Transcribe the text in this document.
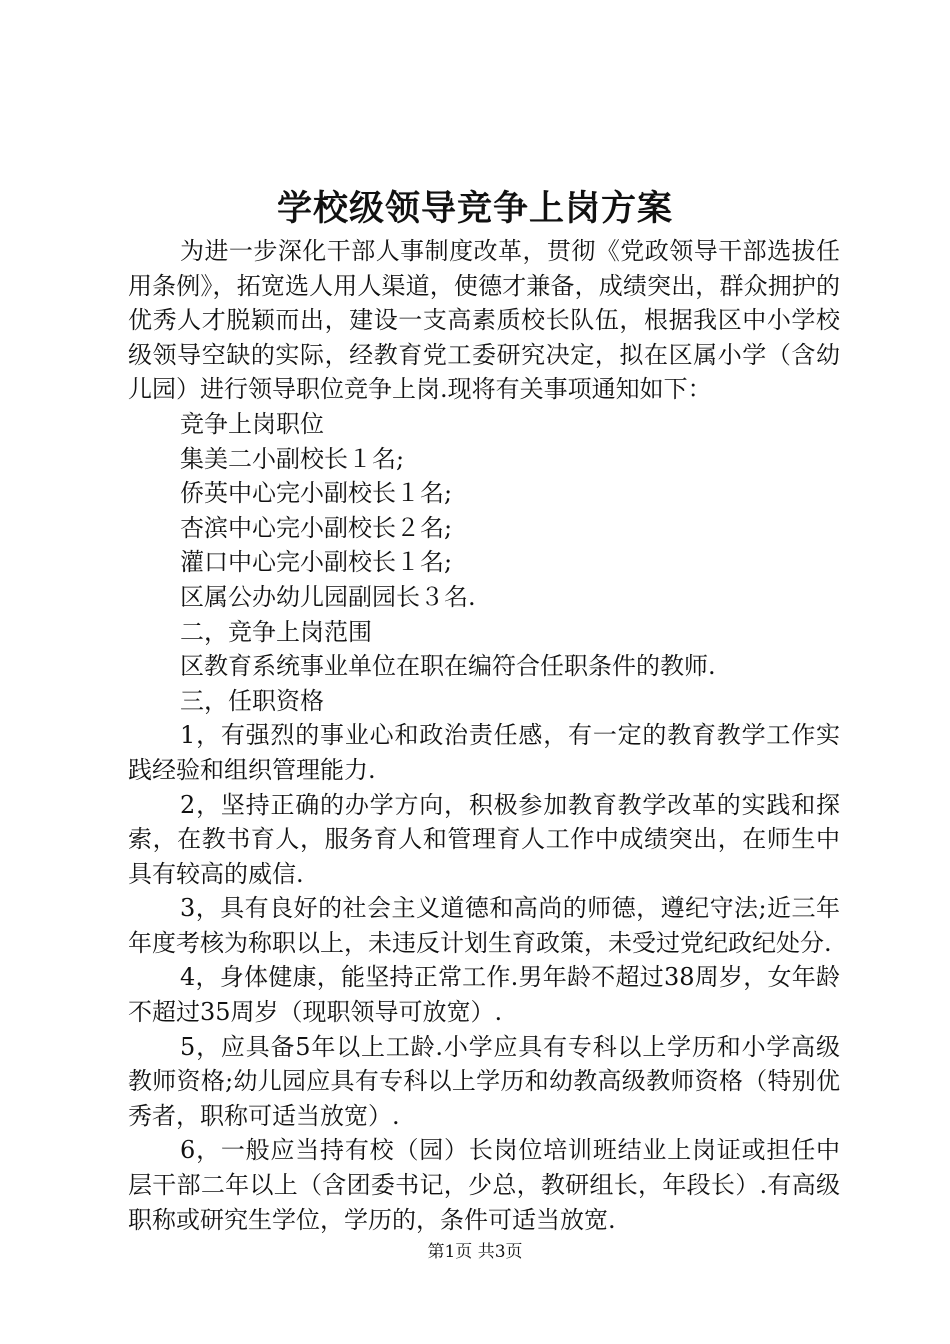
学校级领导竞争上岗方案

为进一步深化干部人事制度改革，贯彻《党政领导干部选拔任用条例》，拓宽选人用人渠道，使德才兼备，成绩突出，群众拥护的优秀人才脱颖而出，建设一支高素质校长队伍，根据我区中小学校级领导空缺的实际，经教育党工委研究决定，拟在区属小学（含幼儿园）进行领导职位竞争上岗.现将有关事项通知如下：

竞争上岗职位

集美二小副校长１名;

侨英中心完小副校长１名;

杏滨中心完小副校长２名;

灌口中心完小副校长１名;

区属公办幼儿园副园长３名.

二，竞争上岗范围

区教育系统事业单位在职在编符合任职条件的教师.

三，任职资格

1，有强烈的事业心和政治责任感，有一定的教育教学工作实践经验和组织管理能力.

2，坚持正确的办学方向，积极参加教育教学改革的实践和探索，在教书育人，服务育人和管理育人工作中成绩突出，在师生中具有较高的威信.

3，具有良好的社会主义道德和高尚的师德，遵纪守法;近三年年度考核为称职以上，未违反计划生育政策，未受过党纪政纪处分.

4，身体健康，能坚持正常工作.男年龄不超过38周岁，女年龄不超过35周岁（现职领导可放宽）.

5，应具备5年以上工龄.小学应具有专科以上学历和小学高级教师资格;幼儿园应具有专科以上学历和幼教高级教师资格（特别优秀者，职称可适当放宽）.

6，一般应当持有校（园）长岗位培训班结业上岗证或担任中层干部二年以上（含团委书记，少总，教研组长，年段长）.有高级职称或研究生学位，学历的，条件可适当放宽.

第1页 共3页
